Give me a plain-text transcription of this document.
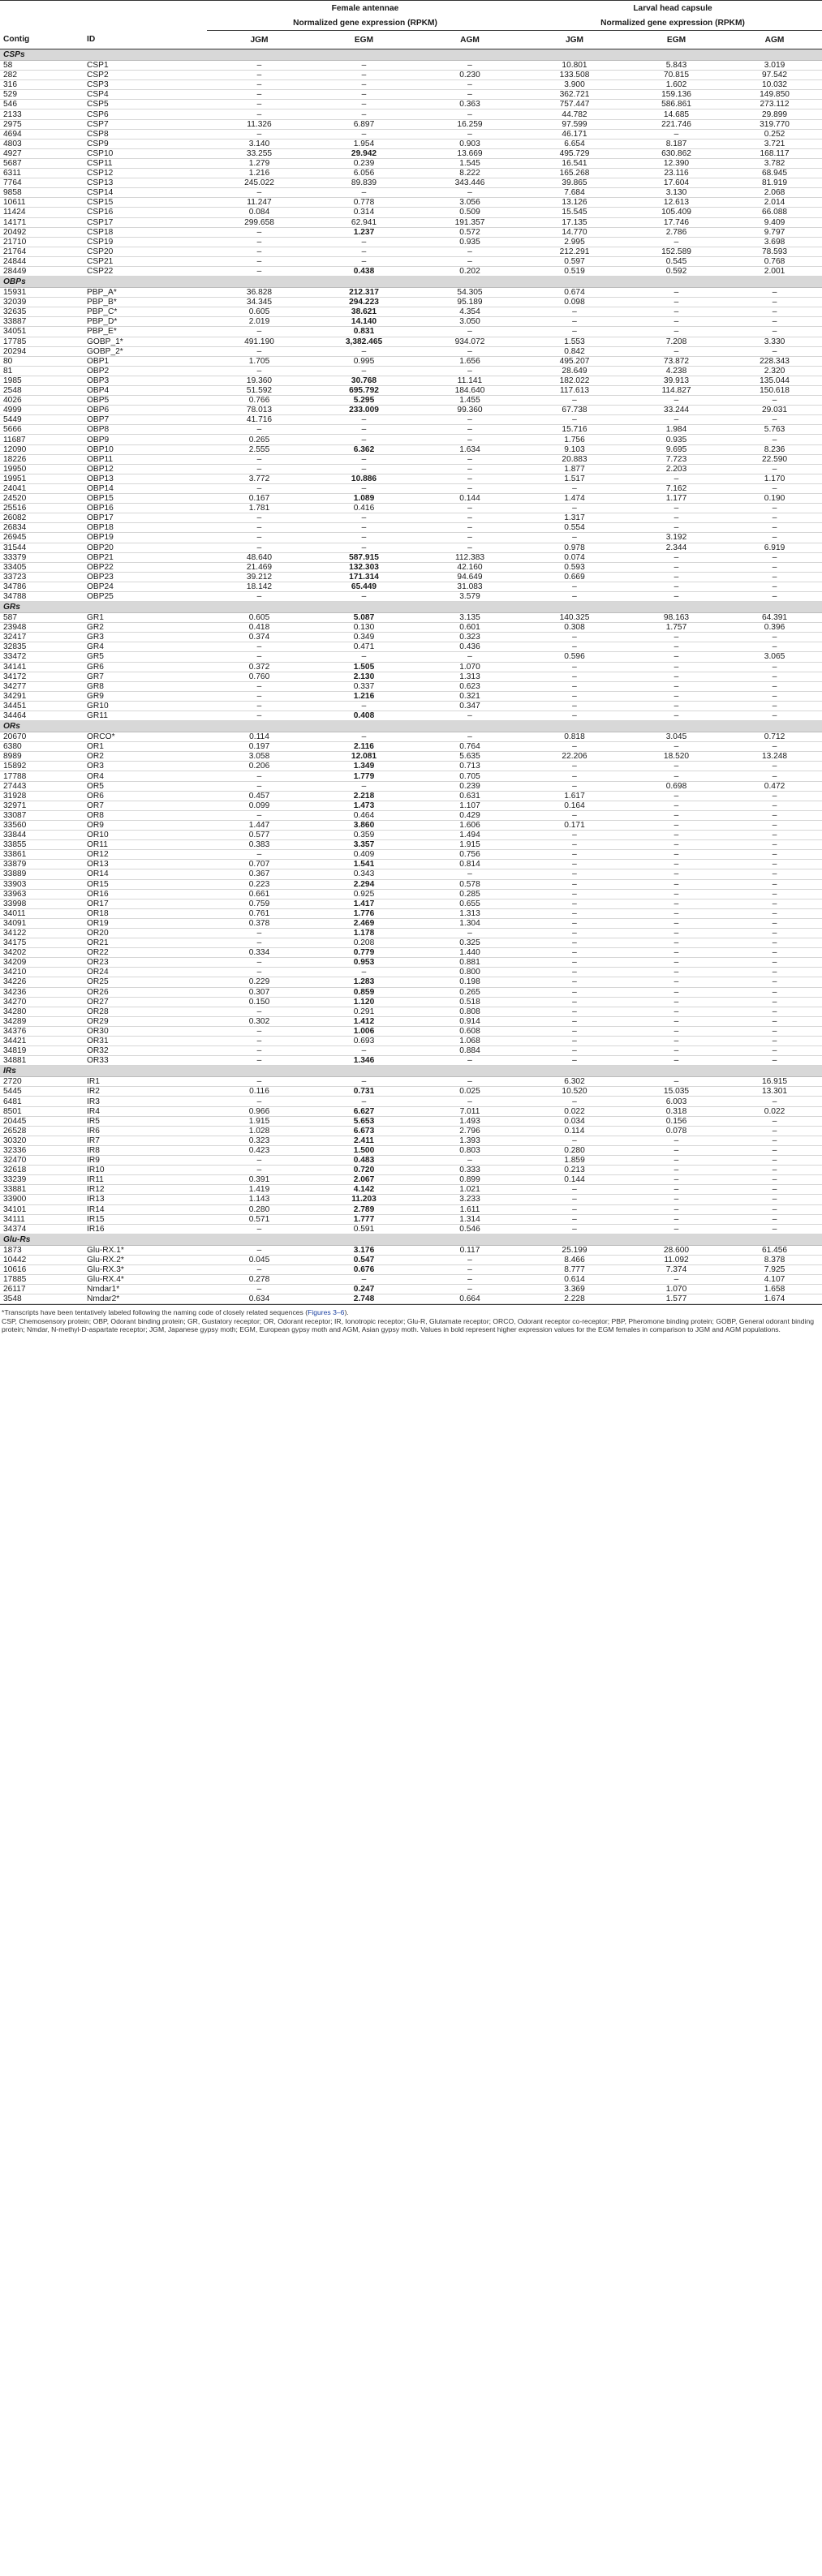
		Female antennae			Larval head capsule		
		Normalized gene expression (RPKM)			Normalized gene expression (RPKM)		
Contig	ID	JGM	EGM	AGM	JGM	EGM	AGM
CSPs							
58	CSP1	–	–	–	10.801	5.843	3.019
282	CSP2	–	–	0.230	133.508	70.815	97.542
316	CSP3	–	–	–	3.900	1.602	10.032
529	CSP4	–	–	–	362.721	159.136	149.850
546	CSP5	–	–	0.363	757.447	586.861	273.112
2133	CSP6	–	–	–	44.782	14.685	29.899
2975	CSP7	11.326	6.897	16.259	97.599	221.746	319.770
4694	CSP8	–	–	–	46.171	–	0.252
4803	CSP9	3.140	1.954	0.903	6.654	8.187	3.721
4927	CSP10	33.255	29.942	13.669	495.729	630.862	168.117
5687	CSP11	1.279	0.239	1.545	16.541	12.390	3.782
6311	CSP12	1.216	6.056	8.222	165.268	23.116	68.945
7764	CSP13	245.022	89.839	343.446	39.865	17.604	81.919
9858	CSP14	–	–	–	7.684	3.130	2.068
10611	CSP15	11.247	0.778	3.056	13.126	12.613	2.014
11424	CSP16	0.084	0.314	0.509	15.545	105.409	66.088
14171	CSP17	299.658	62.941	191.357	17.135	17.746	9.409
20492	CSP18	–	1.237	0.572	14.770	2.786	9.797
21710	CSP19	–	–	0.935	2.995	–	3.698
21764	CSP20	–	–	–	212.291	152.589	78.593
24844	CSP21	–	–	–	0.597	0.545	0.768
28449	CSP22	–	0.438	0.202	0.519	0.592	2.001
OBPs							
15931	PBP_A*	36.828	212.317	54.305	0.674	–	–
32039	PBP_B*	34.345	294.223	95.189	0.098	–	–
32635	PBP_C*	0.605	38.621	4.354	–	–	–
33887	PBP_D*	2.019	14.140	3.050	–	–	–
34051	PBP_E*	–	0.831	–	–	–	–
17785	GOBP_1*	491.190	3,382.465	934.072	1.553	7.208	3.330
20294	GOBP_2*	–	–	–	0.842	–	–
80	OBP1	1.705	0.995	1.656	495.207	73.872	228.343
81	OBP2	–	–	–	28.649	4.238	2.320
1985	OBP3	19.360	30.768	11.141	182.022	39.913	135.044
2548	OBP4	51.592	695.792	184.640	117.613	114.827	150.618
4026	OBP5	0.766	5.295	1.455	–	–	–
4999	OBP6	78.013	233.009	99.360	67.738	33.244	29.031
5449	OBP7	41.716	–	–	–	–	–
5666	OBP8	–	–	–	15.716	1.984	5.763
11687	OBP9	0.265	–	–	1.756	0.935	–
12090	OBP10	2.555	6.362	1.634	9.103	9.695	8.236
18226	OBP11	–	–	–	20.883	7.723	22.590
19950	OBP12	–	–	–	1.877	2.203	–
19951	OBP13	3.772	10.886	–	1.517	–	1.170
24041	OBP14	–	–	–	–	7.162	–
24520	OBP15	0.167	1.089	0.144	1.474	1.177	0.190
25516	OBP16	1.781	0.416	–	–	–	–
26082	OBP17	–	–	–	1.317	–	–
26834	OBP18	–	–	–	0.554	–	–
26945	OBP19	–	–	–	–	3.192	–
31544	OBP20	–	–	–	0.978	2.344	6.919
33379	OBP21	48.640	587.915	112.383	0.074	–	–
33405	OBP22	21.469	132.303	42.160	0.593	–	–
33723	OBP23	39.212	171.314	94.649	0.669	–	–
34786	OBP24	18.142	65.449	31.083	–	–	–
34788	OBP25	–	–	3.579	–	–	–
GRs							
587	GR1	0.605	5.087	3.135	140.325	98.163	64.391
23948	GR2	0.418	0.130	0.601	0.308	1.757	0.396
32417	GR3	0.374	0.349	0.323	–	–	–
32835	GR4	–	0.471	0.436	–	–	–
33472	GR5	–	–	–	0.596	–	3.065
34141	GR6	0.372	1.505	1.070	–	–	–
34172	GR7	0.760	2.130	1.313	–	–	–
34277	GR8	–	0.337	0.623	–	–	–
34291	GR9	–	1.216	0.321	–	–	–
34451	GR10	–	–	0.347	–	–	–
34464	GR11	–	0.408	–	–	–	–
ORs							
20670	ORCO*	0.114	–	–	0.818	3.045	0.712
6380	OR1	0.197	2.116	0.764	–	–	–
8989	OR2	3.058	12.081	5.635	22.206	18.520	13.248
15892	OR3	0.206	1.349	0.713	–	–	–
17788	OR4	–	1.779	0.705	–	–	–
27443	OR5	–	–	0.239	–	0.698	0.472
31928	OR6	0.457	2.218	0.631	1.617	–	–
32971	OR7	0.099	1.473	1.107	0.164	–	–
33087	OR8	–	0.464	0.429	–	–	–
33560	OR9	1.447	3.860	1.606	0.171	–	–
33844	OR10	0.577	0.359	1.494	–	–	–
33855	OR11	0.383	3.357	1.915	–	–	–
33861	OR12	–	0.409	0.756	–	–	–
33879	OR13	0.707	1.541	0.814	–	–	–
33889	OR14	0.367	0.343	–	–	–	–
33903	OR15	0.223	2.294	0.578	–	–	–
33963	OR16	0.661	0.925	0.285	–	–	–
33998	OR17	0.759	1.417	0.655	–	–	–
34011	OR18	0.761	1.776	1.313	–	–	–
34091	OR19	0.378	2.469	1.304	–	–	–
34122	OR20	–	1.178	–	–	–	–
34175	OR21	–	0.208	0.325	–	–	–
34202	OR22	0.334	0.779	1.440	–	–	–
34209	OR23	–	0.953	0.881	–	–	–
34210	OR24	–	–	0.800	–	–	–
34226	OR25	0.229	1.283	0.198	–	–	–
34236	OR26	0.307	0.859	0.265	–	–	–
34270	OR27	0.150	1.120	0.518	–	–	–
34280	OR28	–	0.291	0.808	–	–	–
34289	OR29	0.302	1.412	0.914	–	–	–
34376	OR30	–	1.006	0.608	–	–	–
34421	OR31	–	0.693	1.068	–	–	–
34819	OR32	–	–	0.884	–	–	–
34881	OR33	–	1.346	–	–	–	–
IRs							
2720	IR1	–	–	–	6.302	–	16.915
5445	IR2	0.116	0.731	0.025	10.520	15.035	13.301
6481	IR3	–	–	–	–	6.003	–
8501	IR4	0.966	6.627	7.011	0.022	0.318	0.022
20445	IR5	1.915	5.653	1.493	0.034	0.156	–
26528	IR6	1.028	6.673	2.796	0.114	0.078	–
30320	IR7	0.323	2.411	1.393	–	–	–
32336	IR8	0.423	1.500	0.803	0.280	–	–
32470	IR9	–	0.483	–	1.859	–	–
32618	IR10	–	0.720	0.333	0.213	–	–
33239	IR11	0.391	2.067	0.899	0.144	–	–
33881	IR12	1.419	4.142	1.021	–	–	–
33900	IR13	1.143	11.203	3.233	–	–	–
34101	IR14	0.280	2.789	1.611	–	–	–
34111	IR15	0.571	1.777	1.314	–	–	–
34374	IR16	–	0.591	0.546	–	–	–
Glu-Rs							
1873	Glu-RX.1*	–	3.176	0.117	25.199	28.600	61.456
10442	Glu-RX.2*	0.045	0.547	–	8.466	11.092	8.378
10616	Glu-RX.3*	–	0.676	–	8.777	7.374	7.925
17885	Glu-RX.4*	0.278	–	–	0.614	–	4.107
26117	Nmdar1*	–	0.247	–	3.369	1.070	1.658
3548	Nmdar2*	0.634	2.748	0.664	2.228	1.577	1.674

*Transcripts have been tentatively labeled following the naming code of closely related sequences (Figures 3–6).

CSP, Chemosensory protein; OBP, Odorant binding protein; GR, Gustatory receptor; OR, Odorant receptor; IR, Ionotropic receptor; Glu-R, Glutamate receptor; ORCO, Odorant receptor co-receptor; PBP, Pheromone binding protein; GOBP, General odorant binding protein; Nmdar, N-methyl-D-aspartate receptor; JGM, Japanese gypsy moth; EGM, European gypsy moth and AGM, Asian gypsy moth. Values in bold represent higher expression values for the EGM females in comparison to JGM and AGM populations.
